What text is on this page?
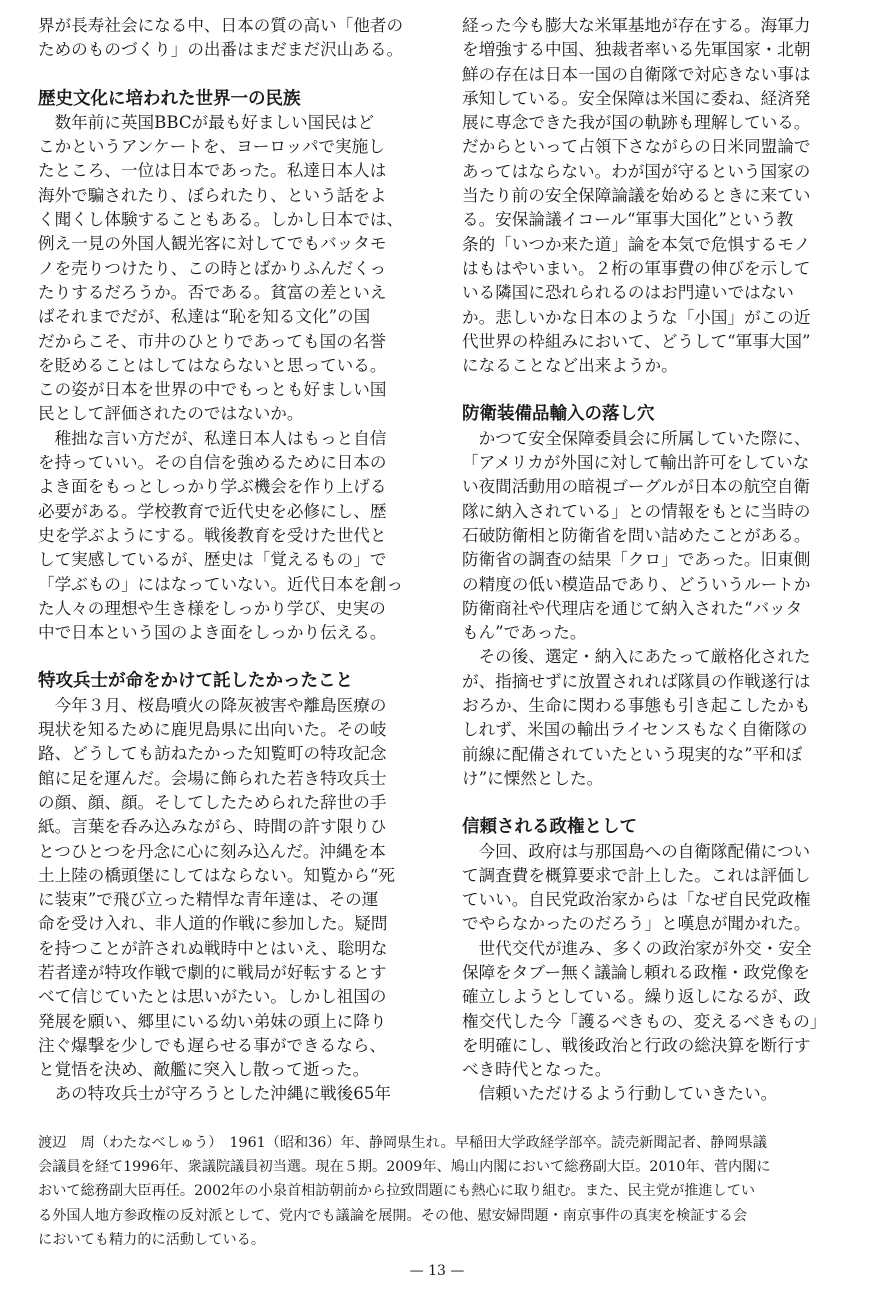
界が長寿社会になる中、日本の質の高い「他者の
ためのものづくり」の出番はまだまだ沢山ある。
歴史文化に培われた世界一の民族
　数年前に英国BBCが最も好ましい国民はど
こかというアンケートを、ヨーロッパで実施し
たところ、一位は日本であった。私達日本人は
海外で騙されたり、ぼられたり、という話をよ
く聞くし体験することもある。しかし日本では、
例え一見の外国人観光客に対してでもバッタモ
ノを売りつけたり、この時とばかりふんだくっ
たりするだろうか。否である。貧富の差といえ
ばそれまでだが、私達は“恥を知る文化”の国
だからこそ、市井のひとりであっても国の名誉
を貶めることはしてはならないと思っている。
この姿が日本を世界の中でもっとも好ましい国
民として評価されたのではないか。
　稚拙な言い方だが、私達日本人はもっと自信
を持っていい。その自信を強めるために日本の
よき面をもっとしっかり学ぶ機会を作り上げる
必要がある。学校教育で近代史を必修にし、歴
史を学ぶようにする。戦後教育を受けた世代と
して実感しているが、歴史は「覚えるもの」で
「学ぶもの」にはなっていない。近代日本を創っ
た人々の理想や生き様をしっかり学び、史実の
中で日本という国のよき面をしっかり伝える。
特攻兵士が命をかけて託したかったこと
　今年３月、桜島噴火の降灰被害や離島医療の
現状を知るために鹿児島県に出向いた。その岐
路、どうしても訪ねたかった知覧町の特攻記念
館に足を運んだ。会場に飾られた若き特攻兵士
の顔、顔、顔。そしてしたためられた辞世の手
紙。言葉を呑み込みながら、時間の許す限りひ
とつひとつを丹念に心に刻み込んだ。沖縄を本
土上陸の橋頭堡にしてはならない。知覧から“死
に装束”で飛び立った精悍な青年達は、その運
命を受け入れ、非人道的作戦に参加した。疑問
を持つことが許されぬ戦時中とはいえ、聡明な
若者達が特攻作戦で劇的に戦局が好転するとす
べて信じていたとは思いがたい。しかし祖国の
発展を願い、郷里にいる幼い弟妹の頭上に降り
注ぐ爆撃を少しでも遅らせる事ができるなら、
と覚悟を決め、敵艦に突入し散って逝った。
　あの特攻兵士が守ろうとした沖縄に戦後65年
経った今も膨大な米軍基地が存在する。海軍力
を増強する中国、独裁者率いる先軍国家・北朝
鮮の存在は日本一国の自衛隊で対応きない事は
承知している。安全保障は米国に委ね、経済発
展に専念できた我が国の軌跡も理解している。
だからといって占領下さながらの日米同盟論で
あってはならない。わが国が守るという国家の
当たり前の安全保障論議を始めるときに来てい
る。安保論議イコール“軍事大国化”という教
条的「いつか来た道」論を本気で危惧するモノ
はもはやいまい。２桁の軍事費の伸びを示して
いる隣国に恐れられるのはお門違いではない
か。悲しいかな日本のような「小国」がこの近
代世界の枠組みにおいて、どうして“軍事大国”
になることなど出来ようか。
防衛装備品輸入の落し穴
　かつて安全保障委員会に所属していた際に、
「アメリカが外国に対して輸出許可をしていな
い夜間活動用の暗視ゴーグルが日本の航空自衛
隊に納入されている」との情報をもとに当時の
石破防衛相と防衛省を問い詰めたことがある。
防衛省の調査の結果「クロ」であった。旧東側
の精度の低い模造品であり、どういうルートか
防衛商社や代理店を通じて納入された“バッタ
もん”であった。
　その後、選定・納入にあたって厳格化された
が、指摘せずに放置されれば隊員の作戦遂行は
おろか、生命に関わる事態も引き起こしたかも
しれず、米国の輸出ライセンスもなく自衛隊の
前線に配備されていたという現実的な”平和ぼ
け”に慄然とした。
信頼される政権として
　今回、政府は与那国島への自衛隊配備につい
て調査費を概算要求で計上した。これは評価し
ていい。自民党政治家からは「なぜ自民党政権
でやらなかったのだろう」と嘆息が聞かれた。
　世代交代が進み、多くの政治家が外交・安全
保障をタブー無く議論し頼れる政権・政党像を
確立しようとしている。繰り返しになるが、政
権交代した今「護るべきもの、変えるべきもの」
を明確にし、戦後政治と行政の総決算を断行す
べき時代となった。
　信頼いただけるよう行動していきたい。
渡辺　周（わたなべしゅう）　1961（昭和36）年、静岡県生れ。早稲田大学政経学部卒。読売新聞記者、静岡県議
会議員を経て1996年、衆議院議員初当選。現在５期。2009年、鳩山内閣において総務副大臣。2010年、菅内閣に
おいて総務副大臣再任。2002年の小泉首相訪朝前から拉致問題にも熱心に取り組む。また、民主党が推進してい
る外国人地方参政権の反対派として、党内でも議論を展開。その他、慰安婦問題・南京事件の真実を検証する会
においても精力的に活動している。
— 13 —
